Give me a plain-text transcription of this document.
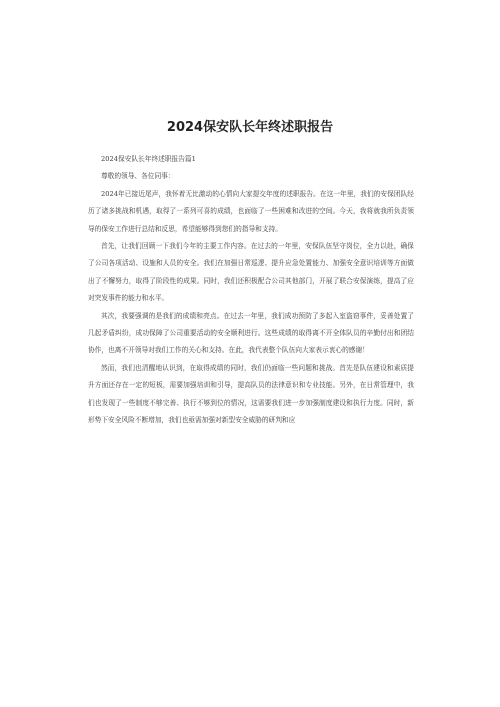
2024保安队长年终述职报告

2024保安队长年终述职报告篇1

尊敬的领导、各位同事：

2024年已接近尾声，我怀着无比激动的心情向大家提交年度的述职报告。在这一年里，我们的安保团队经历了诸多挑战和机遇，取得了一系列可喜的成绩，也面临了一些困难和改进的空间。今天，我将就我所负责领导的保安工作进行总结和反思，希望能够得到您们的指导和支持。

首先，让我们回顾一下我们今年的主要工作内容。在过去的一年里，安保队伍坚守岗位，全力以赴，确保了公司各项活动、设施和人员的安全。我们在加强日常巡逻、提升应急处置能力、加强安全意识培训等方面做出了不懈努力，取得了阶段性的成果。同时，我们还积极配合公司其他部门，开展了联合安保演练，提高了应对突发事件的能力和水平。

其次，我要强调的是我们的成绩和亮点。在过去一年里，我们成功预防了多起入室盗窃事件，妥善处置了几起矛盾纠纷，成功保障了公司重要活动的安全顺利进行。这些成绩的取得离不开全体队员的辛勤付出和团结协作，也离不开领导对我们工作的关心和支持。在此，我代表整个队伍向大家表示衷心的感谢！

然而，我们也清醒地认识到，在取得成绩的同时，我们仍面临一些问题和挑战。首先是队伍建设和素质提升方面还存在一定的短板，需要加强培训和引导，提高队员的法律意识和专业技能。另外，在日常管理中，我们也发现了一些制度不够完善、执行不够到位的情况，这需要我们进一步加强制度建设和执行力度。同时，新形势下安全风险不断增加，我们也亟需加强对新型安全威胁的研判和应
